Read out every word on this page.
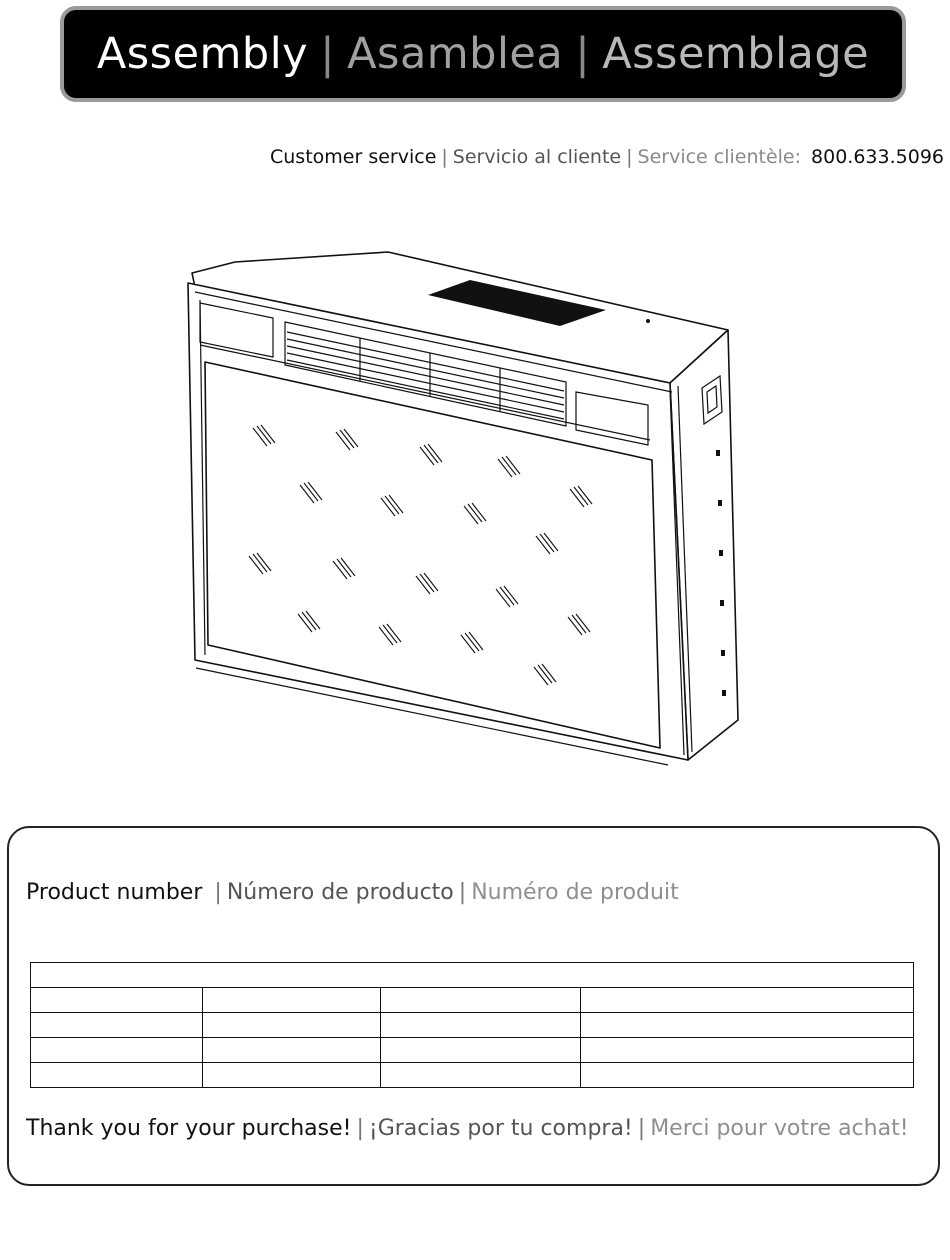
Assembly | Asamblea | Assemblage
Customer service | Servicio al cliente | Service clientèle: 800.633.5096
Product number | Número de producto | Numéro de produit

Thank you for your purchase! | ¡Gracias por tu compra! | Merci pour votre achat!
